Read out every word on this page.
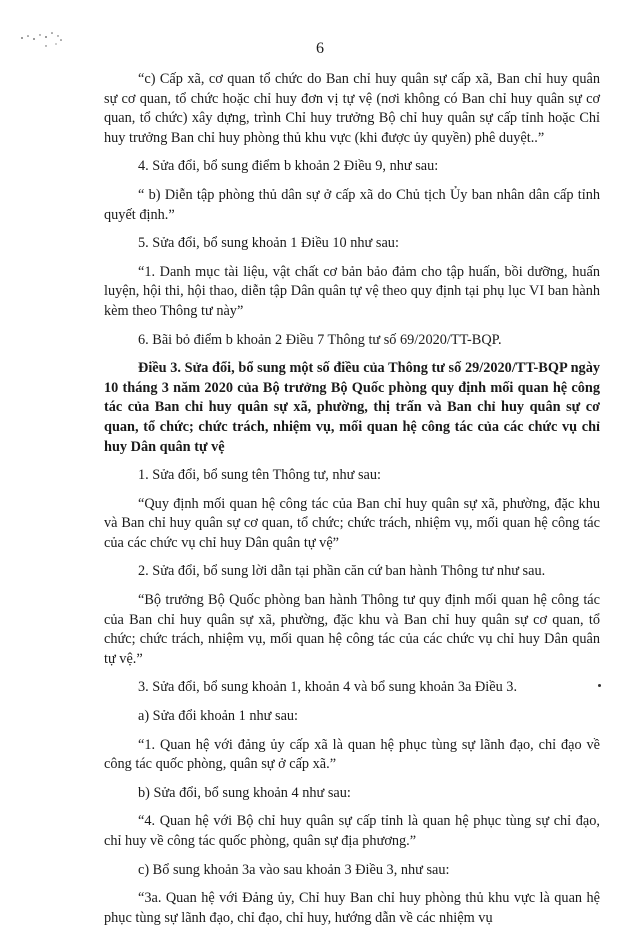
6

“c) Cấp xã, cơ quan tổ chức do Ban chỉ huy quân sự cấp xã, Ban chỉ huy quân sự cơ quan, tổ chức hoặc chỉ huy đơn vị tự vệ (nơi không có Ban chỉ huy quân sự cơ quan, tổ chức) xây dựng, trình Chỉ huy trưởng Bộ chỉ huy quân sự cấp tỉnh hoặc Chỉ huy trưởng Ban chỉ huy phòng thủ khu vực (khi được ủy quyền) phê duyệt..”

4. Sửa đổi, bổ sung điểm b khoản 2 Điều 9, như sau:

“ b) Diễn tập phòng thủ dân sự ở cấp xã do Chủ tịch Ủy ban nhân dân cấp tỉnh quyết định.”

5. Sửa đổi, bổ sung khoản 1 Điều 10 như sau:

“1. Danh mục tài liệu, vật chất cơ bản bảo đảm cho tập huấn, bồi dưỡng, huấn luyện, hội thi, hội thao, diễn tập Dân quân tự vệ theo quy định tại phụ lục VI ban hành kèm theo Thông tư này”

6. Bãi bỏ điểm b khoản 2 Điều 7 Thông tư số 69/2020/TT-BQP.

Điều 3. Sửa đổi, bổ sung một số điều của Thông tư số 29/2020/TT-BQP ngày 10 tháng 3 năm 2020 của Bộ trưởng Bộ Quốc phòng quy định mối quan hệ công tác của Ban chỉ huy quân sự xã, phường, thị trấn và Ban chỉ huy quân sự cơ quan, tổ chức; chức trách, nhiệm vụ, mối quan hệ công tác của các chức vụ chỉ huy Dân quân tự vệ

1. Sửa đổi, bổ sung tên Thông tư, như sau:

“Quy định mối quan hệ công tác của Ban chỉ huy quân sự xã, phường, đặc khu và Ban chỉ huy quân sự cơ quan, tổ chức; chức trách, nhiệm vụ, mối quan hệ công tác của các chức vụ chỉ huy Dân quân tự vệ”

2. Sửa đổi, bổ sung lời dẫn tại phần căn cứ ban hành Thông tư như sau.

“Bộ trưởng Bộ Quốc phòng ban hành Thông tư quy định mối quan hệ công tác của Ban chỉ huy quân sự xã, phường, đặc khu và Ban chỉ huy quân sự cơ quan, tổ chức; chức trách, nhiệm vụ, mối quan hệ công tác của các chức vụ chỉ huy Dân quân tự vệ.”

3. Sửa đổi, bổ sung khoản 1, khoản 4 và bổ sung khoản 3a Điều 3.

a) Sửa đổi khoản 1 như sau:

“1. Quan hệ với đảng ủy cấp xã là quan hệ phục tùng sự lãnh đạo, chỉ đạo về công tác quốc phòng, quân sự ở cấp xã.”

b) Sửa đổi, bổ sung khoản 4 như sau:

“4. Quan hệ với Bộ chỉ huy quân sự cấp tỉnh là quan hệ phục tùng sự chỉ đạo, chỉ huy về công tác quốc phòng, quân sự địa phương.”

c) Bổ sung khoản 3a vào sau khoản 3 Điều 3, như sau:

“3a. Quan hệ với Đảng ủy, Chỉ huy Ban chỉ huy phòng thủ khu vực là quan hệ phục tùng sự lãnh đạo, chỉ đạo, chỉ huy, hướng dẫn về các nhiệm vụ
